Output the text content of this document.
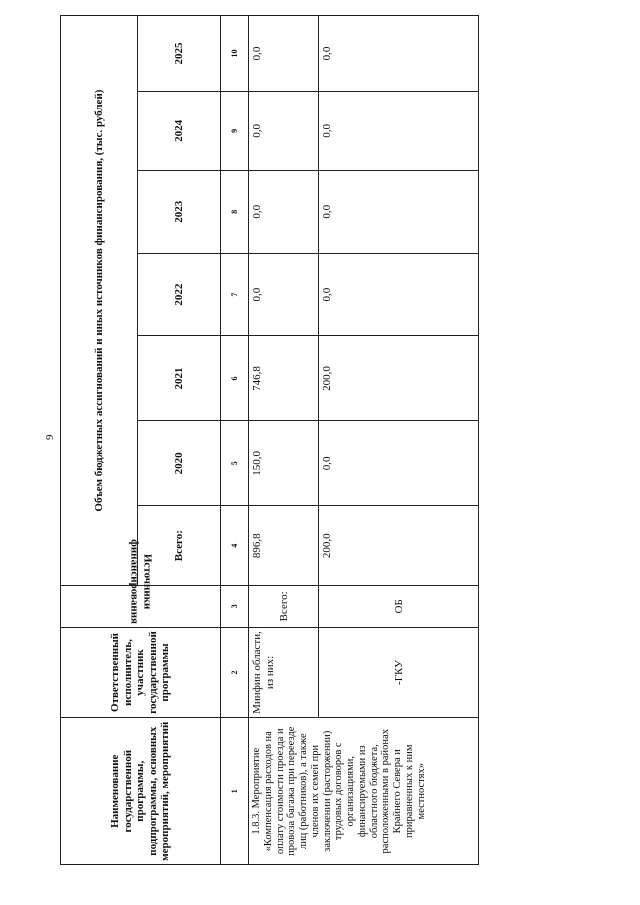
9
Наименование государственной программы, подпрограммы, основных мероприятий, мероприятий	Ответственный исполнитель, участник государственной программы	Источники финансирования	Объем бюджетных ассигнований и иных источников финансирования, (тыс. рублей)						
			Всего:	2020	2021	2022	2023	2024	2025
1	2	3	4	5	6	7	8	9	10
1.8.3. Мероприятие «Компенсация расходов на оплату стоимости проезда и провоза багажа при переезде лиц (работников), а также членов их семей при заключении (расторжении) трудовых договоров с организациями, финансируемыми из областного бюджета, расположенными в районах Крайнего Севера и приравненных к ним местностях»	Минфин области, из них:	Всего:	896,8	150,0	746,8	0,0	0,0	0,0	0,0
	-ГКУ	ОБ	200,0	0,0	200,0	0,0	0,0	0,0	0,0
